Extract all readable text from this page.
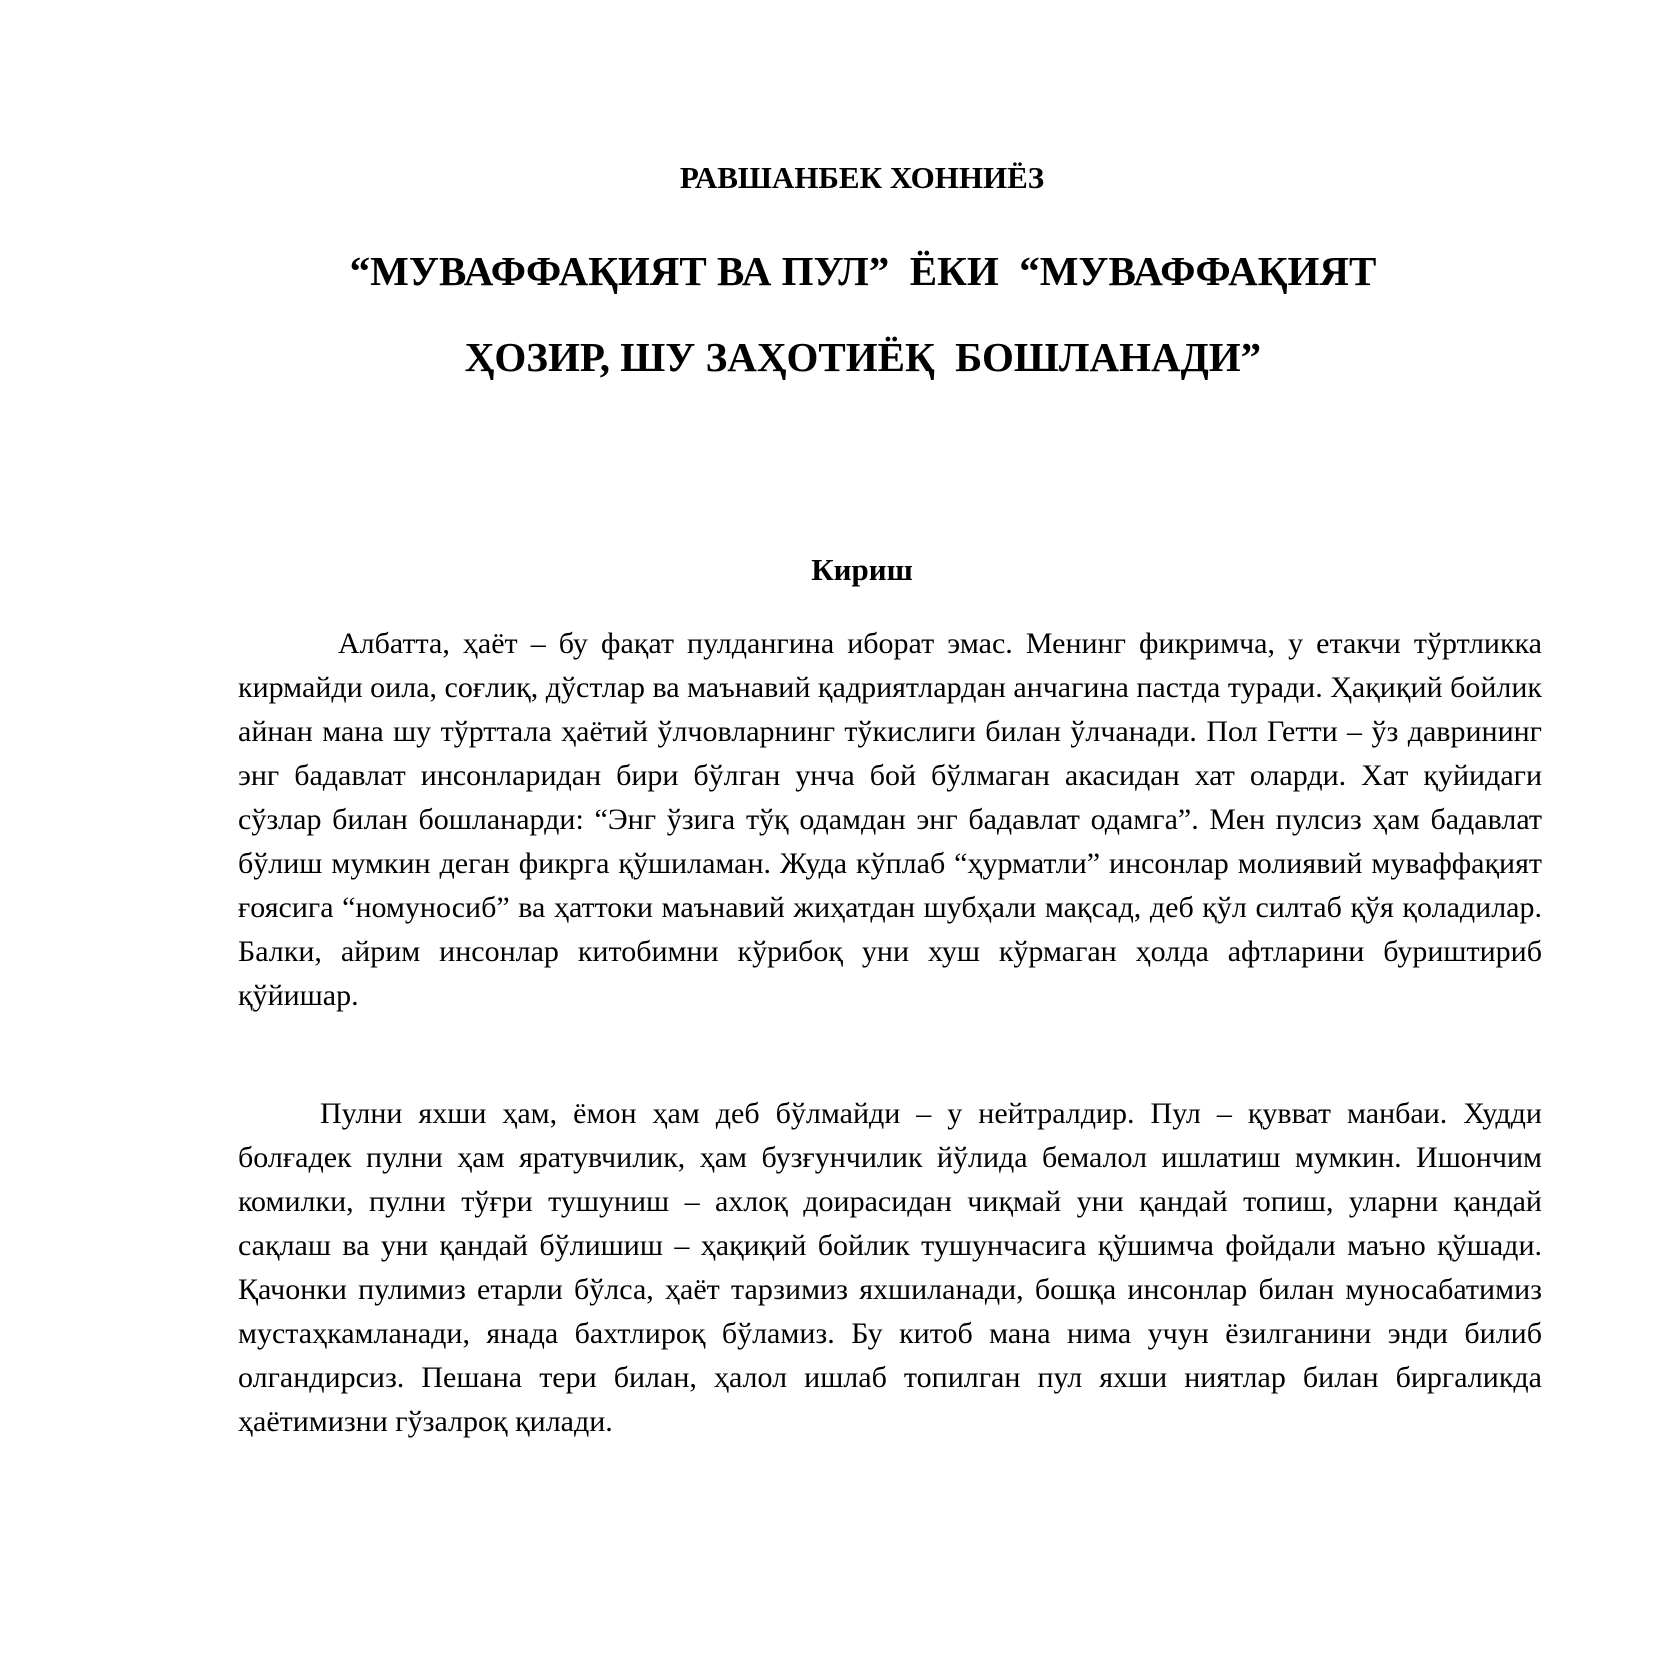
РАВШАНБЕК ХОННИЁЗ
“МУВАФФАҚИЯТ ВА ПУЛ”  ЁКИ  “МУВАФФАҚИЯТ
ҲОЗИР, ШУ ЗАҲОТИЁҚ  БОШЛАНАДИ”
Кириш

Албатта, ҳаёт – бу фақат пулдангина иборат эмас. Менинг фикримча, у етакчи тўртликка кирмайди оила, соғлиқ, дўстлар ва маънавий қадриятлардан анчагина пастда туради. Ҳақиқий бойлик айнан мана шу тўрттала ҳаётий ўлчовларнинг тўкислиги билан ўлчанади. Пол Гетти – ўз даврининг энг бадавлат инсонларидан бири бўлган унча бой бўлмаган акасидан хат оларди. Хат қуйидаги сўзлар билан бошланарди: “Энг ўзига тўқ одамдан энг бадавлат одамга”. Мен пулсиз ҳам бадавлат бўлиш мумкин деган фикрга қўшиламан. Жуда кўплаб “ҳурматли” инсонлар молиявий муваффақият ғоясига “номуносиб” ва ҳаттоки маънавий жиҳатдан шубҳали мақсад, деб қўл силтаб қўя қоладилар. Балки, айрим инсонлар китобимни кўрибоқ уни хуш кўрмаган ҳолда афтларини буриштириб қўйишар.

Пулни яхши ҳам, ёмон ҳам деб бўлмайди – у нейтралдир. Пул – қувват манбаи. Худди болғадек пулни ҳам яратувчилик, ҳам бузғунчилик йўлида бемалол ишлатиш мумкин. Ишончим комилки, пулни тўғри тушуниш – ахлоқ доирасидан чиқмай уни қандай топиш, уларни қандай сақлаш ва уни қандай бўлишиш – ҳақиқий бойлик тушунчасига қўшимча фойдали маъно қўшади. Қачонки пулимиз етарли бўлса, ҳаёт тарзимиз яхшиланади, бошқа инсонлар билан муносабатимиз мустаҳкамланади, янада бахтлироқ бўламиз. Бу китоб мана нима учун ёзилганини энди билиб олгандирсиз. Пешана тери билан, ҳалол ишлаб топилган пул яхши ниятлар билан биргаликда ҳаётимизни гўзалроқ қилади.
